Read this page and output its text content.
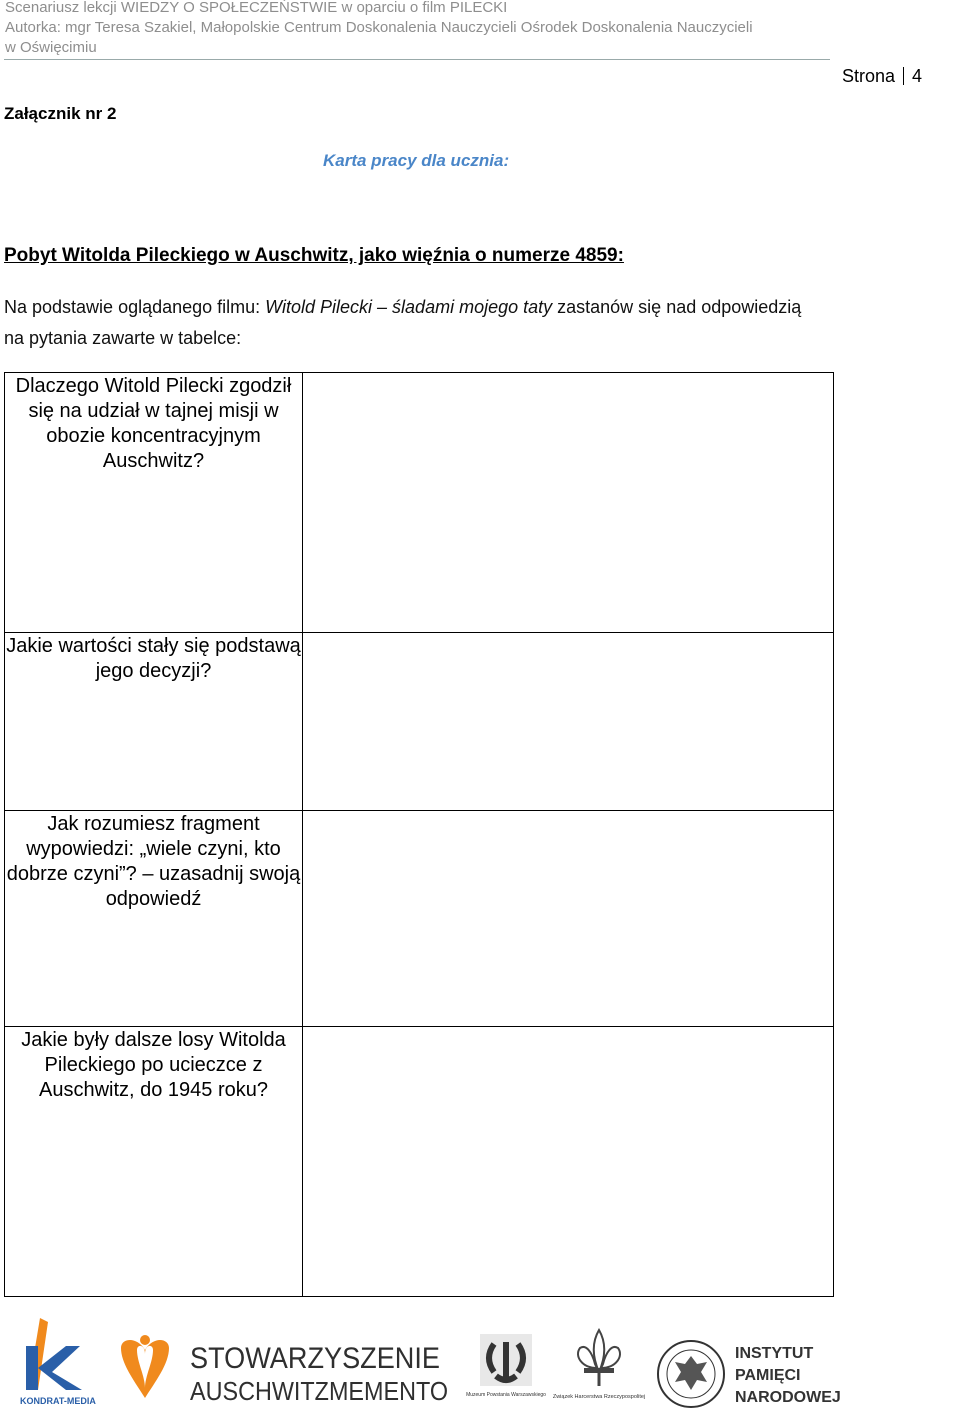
Scenariusz lekcji WIEDZY O SPOŁECZEŃSTWIE w oparciu o film PILECKI
Autorka: mgr Teresa Szakiel, Małopolskie Centrum Doskonalenia Nauczycieli Ośrodek Doskonalenia Nauczycieli
w Oświęcimiu
Strona 4
Załącznik nr 2
Karta pracy dla ucznia:
Pobyt Witolda Pileckiego w Auschwitz, jako więźnia o numerze 4859:
Na podstawie oglądanego filmu: Witold Pilecki – śladami mojego taty zastanów się nad odpowiedzią na pytania zawarte w tabelce:
Dlaczego Witold Pilecki zgodził się na udział w tajnej misji w obozie koncentracyjnym Auschwitz?	
Jakie wartości stały się podstawą jego decyzji?	
Jak rozumiesz fragment wypowiedzi: „wiele czyni, kto dobrze czyni”? – uzasadnij swoją odpowiedź	
Jakie były dalsze losy Witolda Pileckiego po ucieczce z Auschwitz, do 1945 roku?	
KONDRAT-MEDIA
STOWARZYSZENIE
AUSCHWITZMEMENTO	Muzeum Powstania Warszawskiego Związek Harcerstwa Rzeczypospolitej
INSTYTUT
PAMIĘCI
NARODOWEJ
